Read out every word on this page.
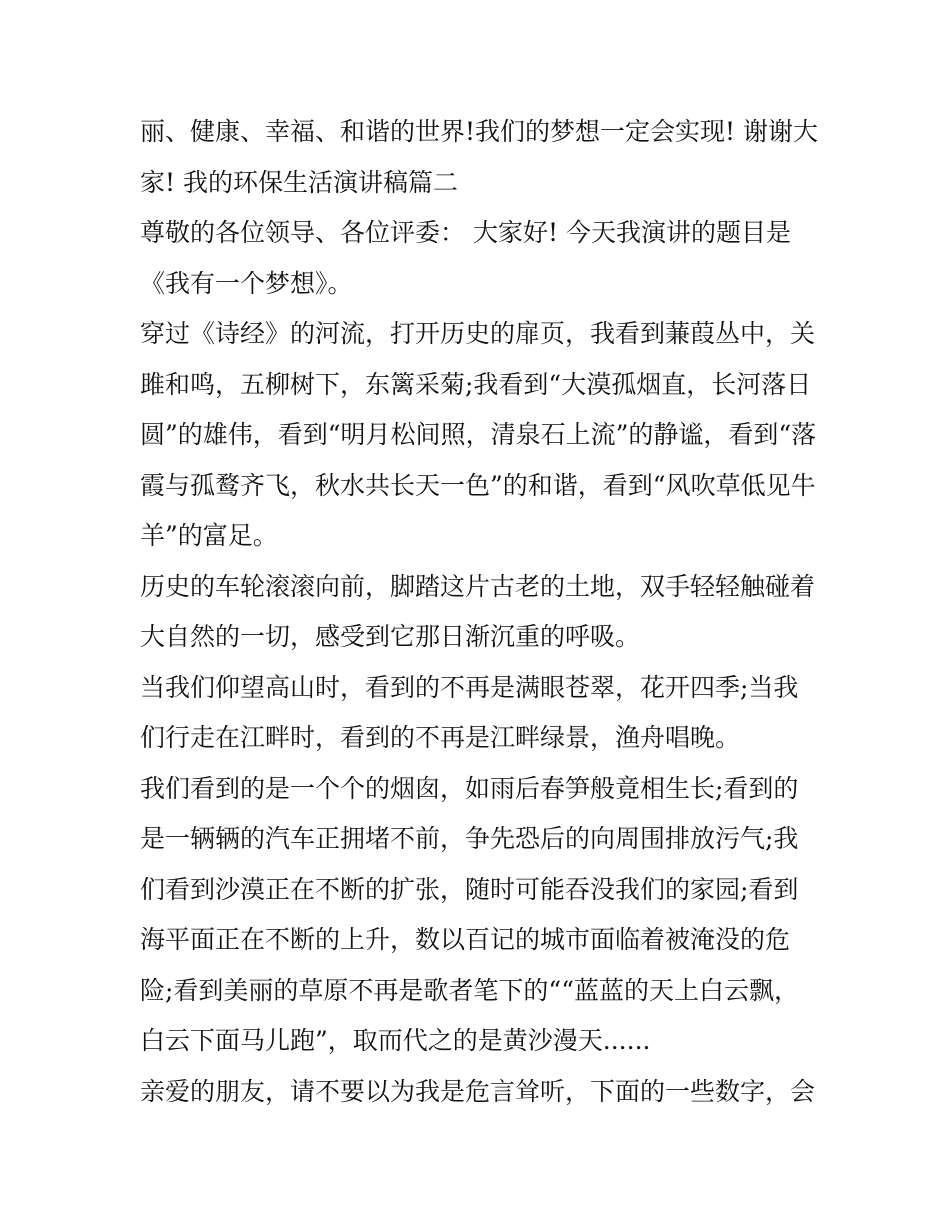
丽、健康、幸福、和谐的世界!我们的梦想一定会实现! 谢谢大
家! 我的环保生活演讲稿篇二
尊敬的各位领导、各位评委： 大家好! 今天我演讲的题目是
《我有一个梦想》。
穿过《诗经》的河流，打开历史的扉页，我看到蒹葭丛中，关
雎和鸣，五柳树下，东篱采菊;我看到“大漠孤烟直，长河落日
圆”的雄伟，看到“明月松间照，清泉石上流”的静谧，看到“落
霞与孤鹜齐飞，秋水共长天一色”的和谐，看到“风吹草低见牛
羊”的富足。
历史的车轮滚滚向前，脚踏这片古老的土地，双手轻轻触碰着
大自然的一切，感受到它那日渐沉重的呼吸。
当我们仰望高山时，看到的不再是满眼苍翠，花开四季;当我
们行走在江畔时，看到的不再是江畔绿景，渔舟唱晚。
我们看到的是一个个的烟囱，如雨后春笋般竟相生长;看到的
是一辆辆的汽车正拥堵不前，争先恐后的向周围排放污气;我
们看到沙漠正在不断的扩张，随时可能吞没我们的家园;看到
海平面正在不断的上升，数以百记的城市面临着被淹没的危
险;看到美丽的草原不再是歌者笔下的““蓝蓝的天上白云飘，
白云下面马儿跑”，取而代之的是黄沙漫天......
亲爱的朋友，请不要以为我是危言耸听，下面的一些数字，会
